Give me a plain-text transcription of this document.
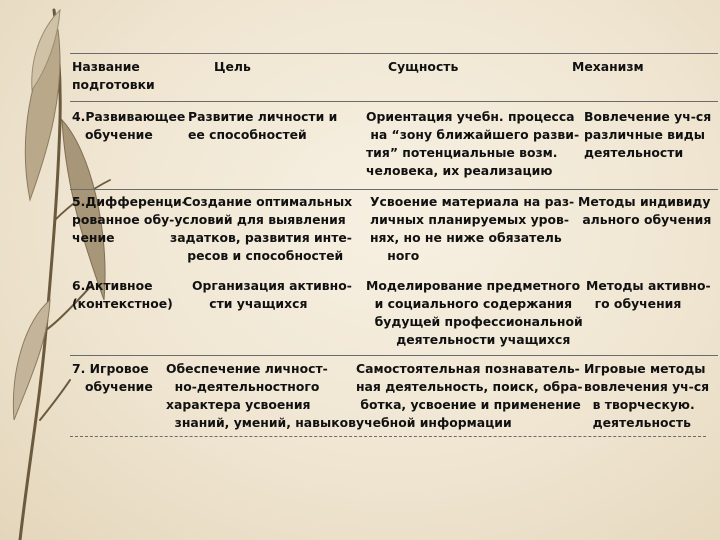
Название
подготовки
Цель	Сущность	Механизм
4.Развивающее
обучение
Развитие личности и
ее способностей
Ориентация учебн. процесса
на “зону ближайшего разви-
тия” потенциальные возм.
человека, их реализацию
Вовлечение уч-ся
различные виды
деятельности
5.Дифференци-
рованное обу-
чение
Создание оптимальных
условий для выявления
задатков, развития инте-
ресов и способностей
Усвоение материала на раз-
личных планируемых уров-
нях, но не ниже обязатель
ного
Методы индивиду
ального обучения
6.Активное
(контекстное)
Организация активно-
сти учащихся
Моделирование предметного
и социального содержания
будущей профессиональной
деятельности учащихся
Методы активно-
го обучения
7. Игровое
обучение
Обеспечение личност-
но-деятельностного
характера усвоения
знаний, умений, навыков
Самостоятельная познаватель-
ная деятельность, поиск, обра-
ботка, усвоение и применение
учебной информации
Игровые методы
вовлечения уч-ся
в творческую.
деятельность
